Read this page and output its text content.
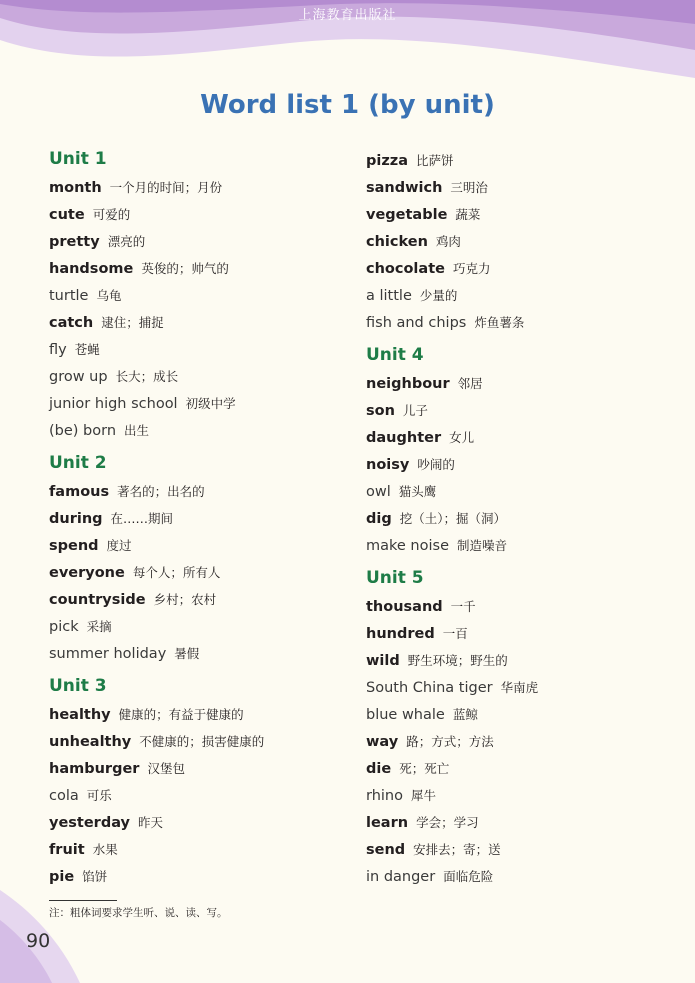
上海教育出版社
Word list 1 (by unit)
Unit 1
month 一个月的时间；月份
cute 可爱的
pretty 漂亮的
handsome 英俊的；帅气的
turtle 乌龟
catch 逮住；捕捉
fly 苍蝇
grow up 长大；成长
junior high school 初级中学
(be) born 出生
Unit 2
famous 著名的；出名的
during 在……期间
spend 度过
everyone 每个人；所有人
countryside 乡村；农村
pick 采摘
summer holiday 暑假
Unit 3
healthy 健康的；有益于健康的
unhealthy 不健康的；损害健康的
hamburger 汉堡包
cola 可乐
yesterday 昨天
fruit 水果
pie 馅饼
pizza 比萨饼
sandwich 三明治
vegetable 蔬菜
chicken 鸡肉
chocolate 巧克力
a little 少量的
fish and chips 炸鱼薯条
Unit 4
neighbour 邻居
son 儿子
daughter 女儿
noisy 吵闹的
owl 猫头鹰
dig 挖（土）；掘（洞）
make noise 制造噪音
Unit 5
thousand 一千
hundred 一百
wild 野生环境；野生的
South China tiger 华南虎
blue whale 蓝鲸
way 路；方式；方法
die 死；死亡
rhino 犀牛
learn 学会；学习
send 安排去；寄；送
in danger 面临危险
注：粗体词要求学生听、说、读、写。
90
